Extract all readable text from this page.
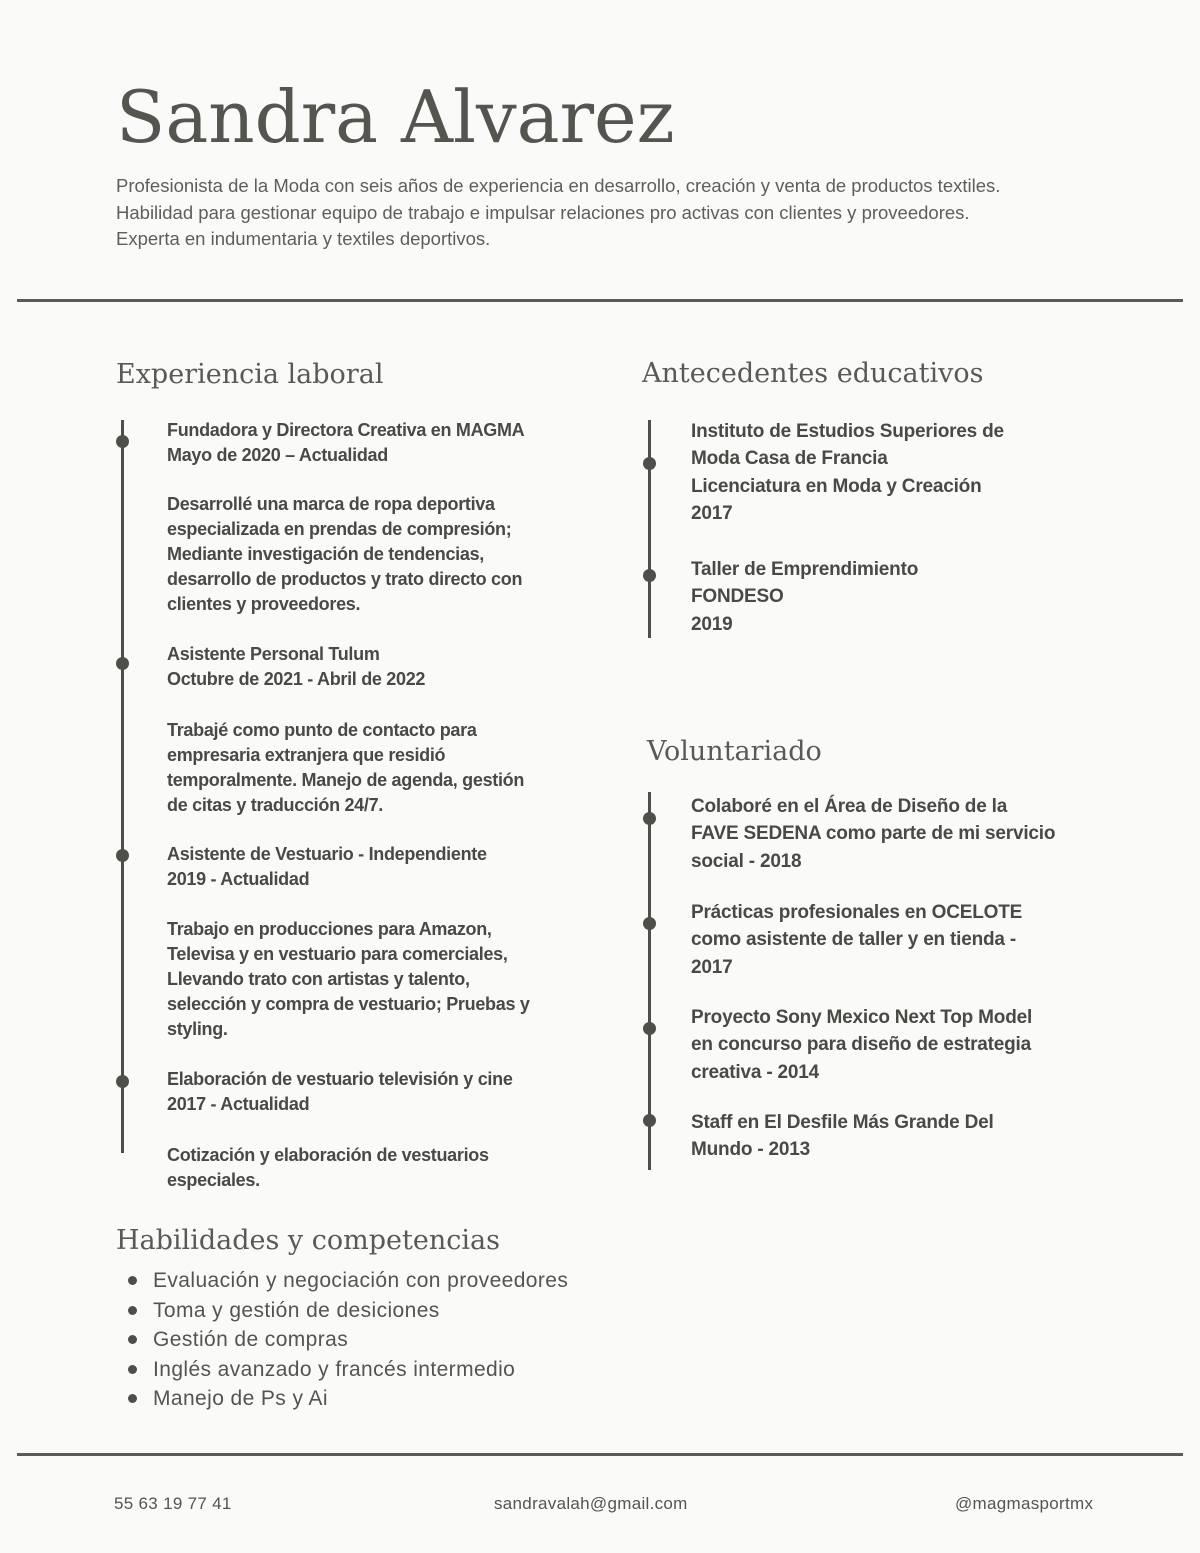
Sandra Alvarez

Profesionista de la Moda con seis años de experiencia en desarrollo, creación y venta de productos textiles. Habilidad para gestionar equipo de trabajo e impulsar relaciones pro activas con clientes y proveedores. Experta en indumentaria y textiles deportivos.

Experiencia laboral

Fundadora y Directora Creativa en MAGMA
Mayo de 2020 – Actualidad

Desarrollé una marca de ropa deportiva
especializada en prendas de compresión;
Mediante investigación de tendencias,
desarrollo de productos y trato directo con
clientes y proveedores.

Asistente Personal Tulum
Octubre de 2021 - Abril de 2022

Trabajé como punto de contacto para
empresaria extranjera que residió
temporalmente. Manejo de agenda, gestión
de citas y traducción 24/7.

Asistente de Vestuario - Independiente
2019 - Actualidad

Trabajo en producciones para Amazon,
Televisa y en vestuario para comerciales,
Llevando trato con artistas y talento,
selección y compra de vestuario; Pruebas y
styling.

Elaboración de vestuario televisión y cine
2017 - Actualidad

Cotización y elaboración de vestuarios
especiales.

Antecedentes educativos

Instituto de Estudios Superiores de
Moda Casa de Francia
Licenciatura en Moda y Creación
2017

Taller de Emprendimiento
FONDESO
2019

Voluntariado

Colaboré en el Área de Diseño de la
FAVE SEDENA como parte de mi servicio
social - 2018

Prácticas profesionales en OCELOTE
como asistente de taller y en tienda -
2017

Proyecto Sony Mexico Next Top Model
en concurso para diseño de estrategia
creativa - 2014

Staff en El Desfile Más Grande Del
Mundo - 2013

Habilidades y competencias
Evaluación y negociación con proveedores
Toma y gestión de desiciones
Gestión de compras
Inglés avanzado y francés intermedio
Manejo de Ps y Ai

55 63 19 77 41	sandravalah@gmail.com	@magmasportmx
